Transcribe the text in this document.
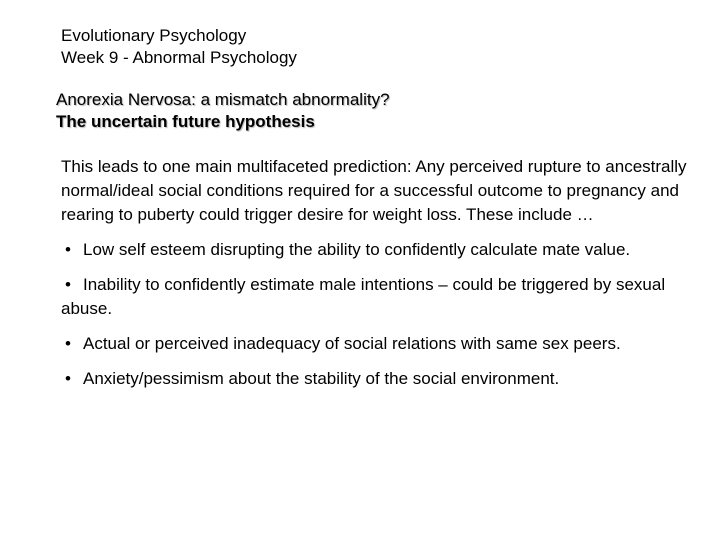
Evolutionary Psychology
Week 9 - Abnormal Psychology
Anorexia Nervosa: a mismatch abnormality?
The uncertain future hypothesis

This leads to one main multifaceted prediction: Any perceived rupture to ancestrally normal/ideal social conditions required for a successful outcome to pregnancy and rearing to puberty could trigger desire for weight loss. These include …

• Low self esteem disrupting the ability to confidently calculate mate value.

• Inability to confidently estimate male intentions – could be triggered by sexual abuse.

• Actual or perceived inadequacy of social relations with same sex peers.

• Anxiety/pessimism about the stability of the social environment.
